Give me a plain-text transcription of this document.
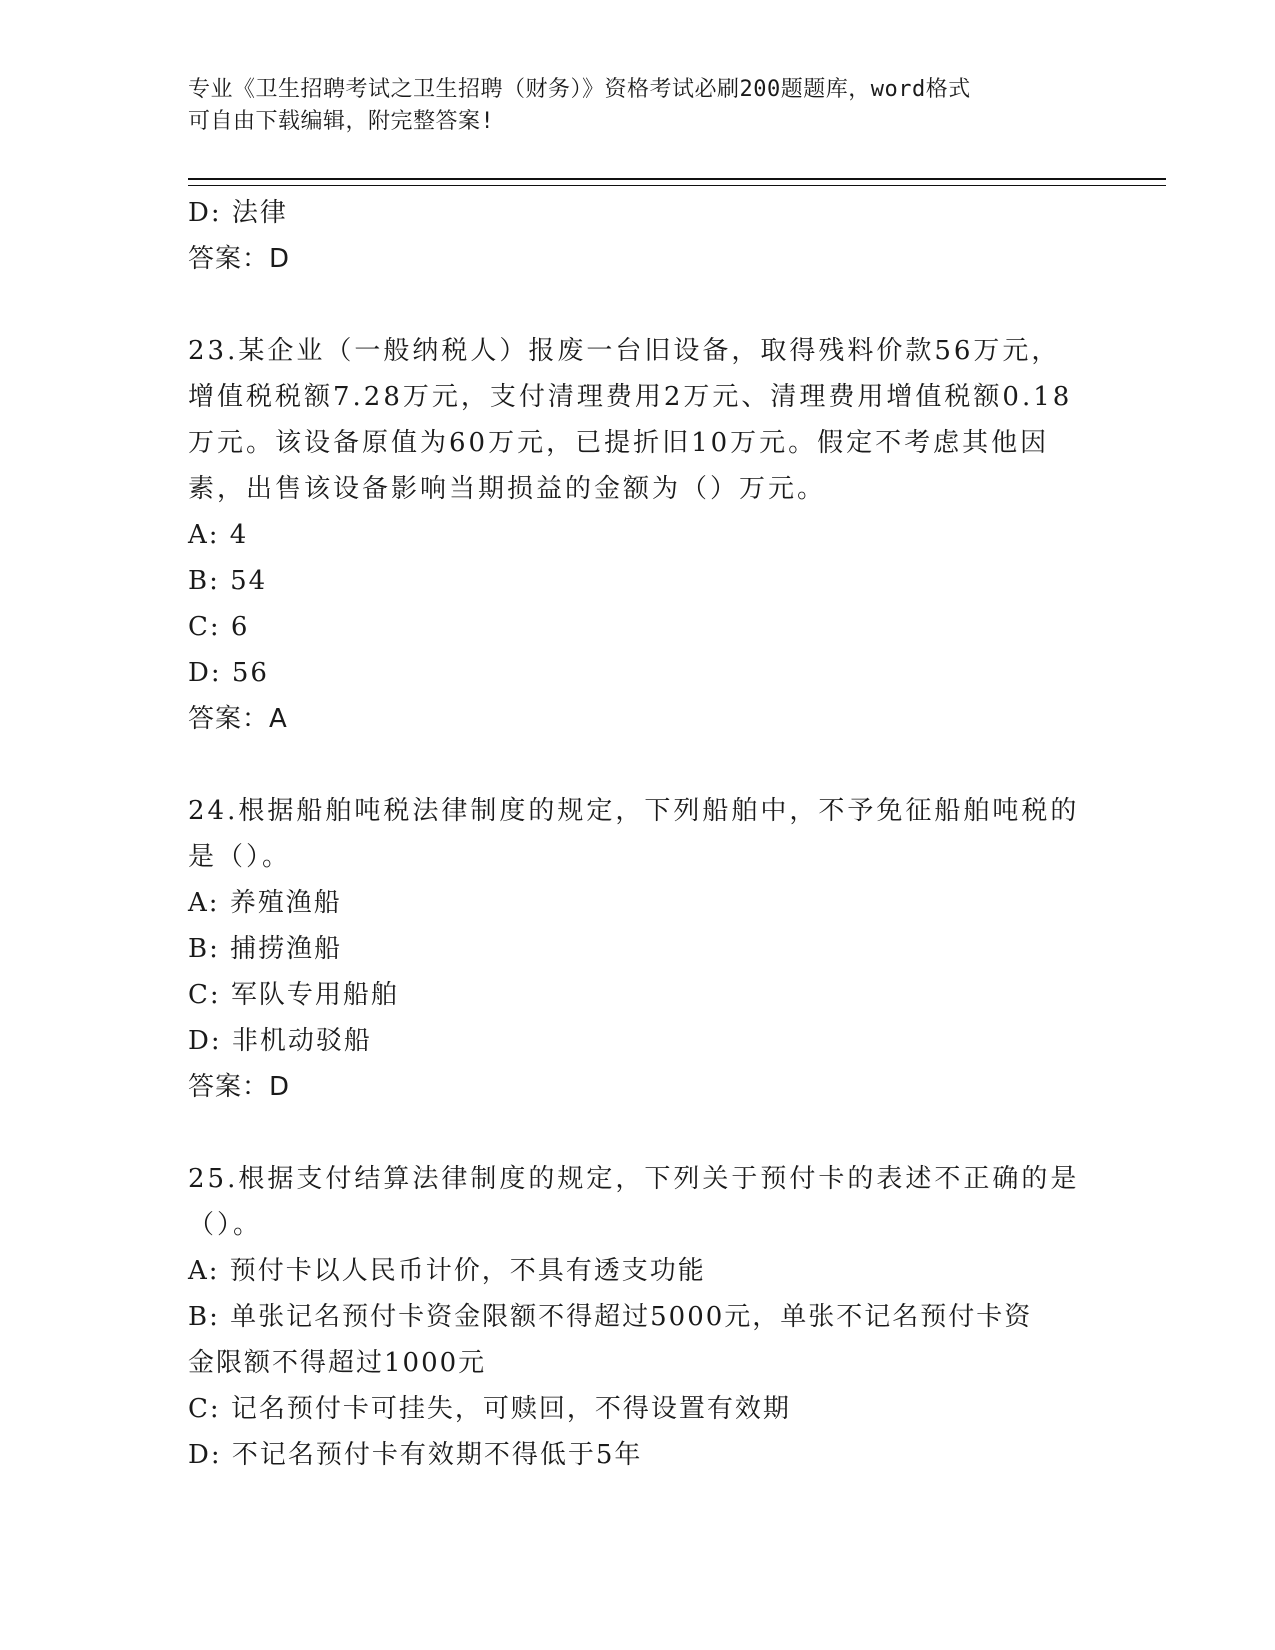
专业《卫生招聘考试之卫生招聘（财务）》资格考试必刷200题题库，word格式
可自由下载编辑，附完整答案!
D: 法律
答案：D
23.某企业（一般纳税人）报废一台旧设备，取得残料价款56万元，
增值税税额7.28万元，支付清理费用2万元、清理费用增值税额0.18
万元。该设备原值为60万元，已提折旧10万元。假定不考虑其他因
素，出售该设备影响当期损益的金额为（）万元。
A: 4
B: 54
C: 6
D: 56
答案：A
24.根据船舶吨税法律制度的规定，下列船舶中，不予免征船舶吨税的
是（）。
A: 养殖渔船
B: 捕捞渔船
C: 军队专用船舶
D: 非机动驳船
答案：D
25.根据支付结算法律制度的规定，下列关于预付卡的表述不正确的是
（）。
A: 预付卡以人民币计价，不具有透支功能
B: 单张记名预付卡资金限额不得超过5000元，单张不记名预付卡资
金限额不得超过1000元
C: 记名预付卡可挂失，可赎回，不得设置有效期
D: 不记名预付卡有效期不得低于5年
